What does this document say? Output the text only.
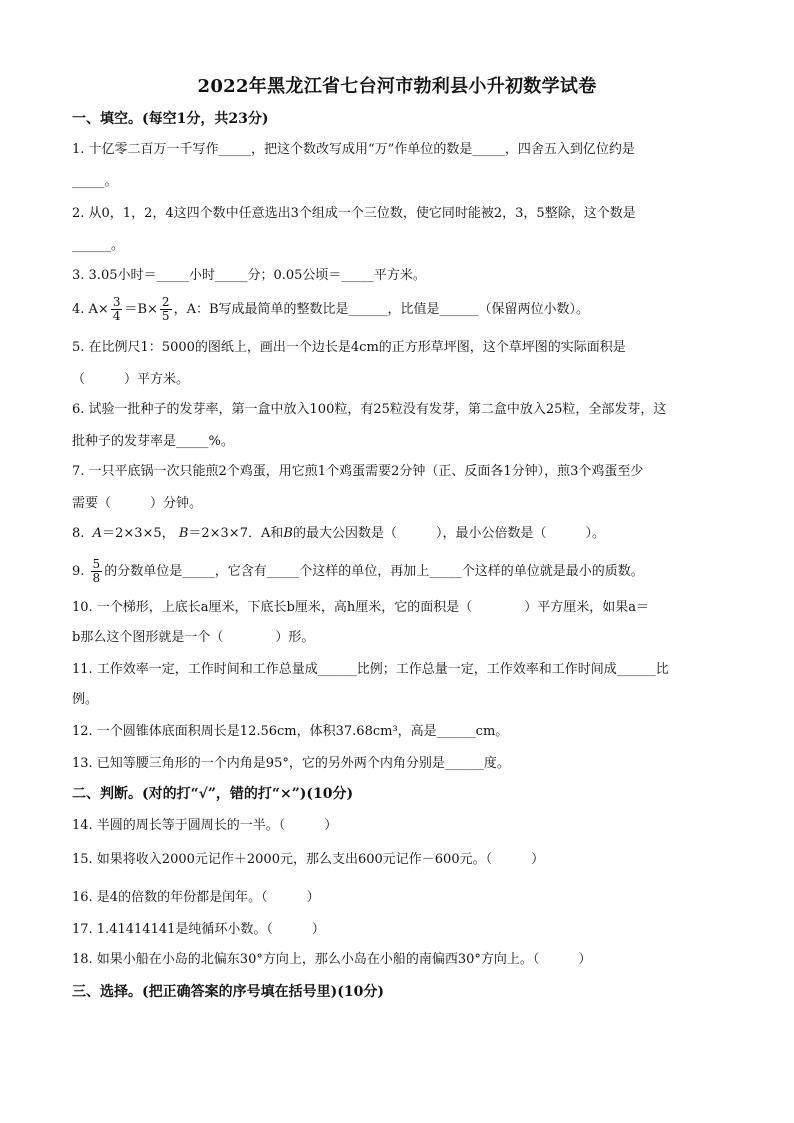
2022年黑龙江省七台河市勃利县小升初数学试卷
一、填空。(每空1分，共23分)
1. 十亿零二百万一千写作_____，把这个数改写成用“万”作单位的数是_____，四舍五入到亿位约是
_____。
2. 从0，1，2，4这四个数中任意选出3个组成一个三位数，使它同时能被2，3，5整除，这个数是
______。
3. 3.05小时＝_____小时_____分；0.05公顷＝_____平方米。
4. $A\times \frac{3}{4} =B\times \frac{2}{5}$ ，A：B写成最简单的整数比是______，比值是______（保留两位小数）。
5. 在比例尺1：5000的图纸上，画出一个边长是4cm的正方形草坪图，这个草坪图的实际面积是
（　　　）平方米。
6. 试验一批种子的发芽率，第一盒中放入100粒，有25粒没有发芽，第二盒中放入25粒，全部发芽，这
批种子的发芽率是_____%。
7. 一只平底锅一次只能煎2个鸡蛋，用它煎1个鸡蛋需要2分钟（正、反面各1分钟），煎3个鸡蛋至少
需要（　　　）分钟。
8. A＝2×3×5， B＝2×3×7．A和B的最大公因数是（　　　），最小公倍数是（　　　）。
9. $\frac{5}{8}$ 的分数单位是_____，它含有_____个这样的单位，再加上_____个这样的单位就是最小的质数。
10. 一个梯形，上底长a厘米，下底长b厘米，高h厘米，它的面积是（　　　　）平方厘米，如果a＝
b那么这个图形就是一个（　　　　）形。
11. 工作效率一定，工作时间和工作总量成______比例；工作总量一定，工作效率和工作时间成______比
例。
12. 一个圆锥体底面积周长是12.56cm，体积37.68cm³，高是______cm。
13. 已知等腰三角形的一个内角是95°，它的另外两个内角分别是______度。
二、判断。(对的打“√”，错的打“×”)(10分)
14. 半圆的周长等于圆周长的一半。（　　　）
15. 如果将收入2000元记作＋2000元，那么支出600元记作－600元。（　　　）
16. 是4的倍数的年份都是闰年。（　　　）
17. 1.41414141是纯循环小数。（　　　）
18. 如果小船在小岛的北偏东30°方向上，那么小岛在小船的南偏西30°方向上。（　　　）
三、选择。(把正确答案的序号填在括号里)(10分)
